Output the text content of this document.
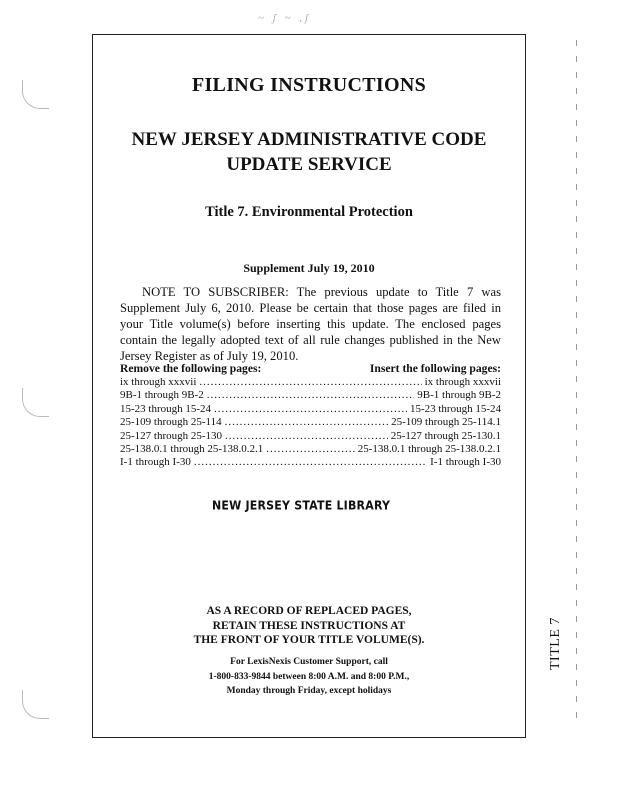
~ ʃ ~ ,ʃ
FILING INSTRUCTIONS
NEW JERSEY ADMINISTRATIVE CODE
UPDATE SERVICE
Title 7. Environmental Protection
Supplement July 19, 2010

NOTE TO SUBSCRIBER: The previous update to Title 7 was Supplement July 6, 2010. Please be certain that those pages are filed in your Title volume(s) before inserting this update. The enclosed pages contain the legally adopted text of all rule changes published in the New Jersey Register as of July 19, 2010.

Remove the following pages:	Insert the following pages:
ix through xxxvii .....	ix through xxxvii
9B-1 through 9B-2 .....	9B-1 through 9B-2
15-23 through 15-24 .....	15-23 through 15-24
25-109 through 25-114 .....	25-109 through 25-114.1
25-127 through 25-130 .....	25-127 through 25-130.1
25-138.0.1 through 25-138.0.2.1 .....	25-138.0.1 through 25-138.0.2.1
I-1 through I-30 .....	I-1 through I-30
NEW JERSEY STATE LIBRARY
AS A RECORD OF REPLACED PAGES,
RETAIN THESE INSTRUCTIONS AT
THE FRONT OF YOUR TITLE VOLUME(S).
For LexisNexis Customer Support, call
1-800-833-9844 between 8:00 A.M. and 8:00 P.M.,
Monday through Friday, except holidays
TITLE 7
